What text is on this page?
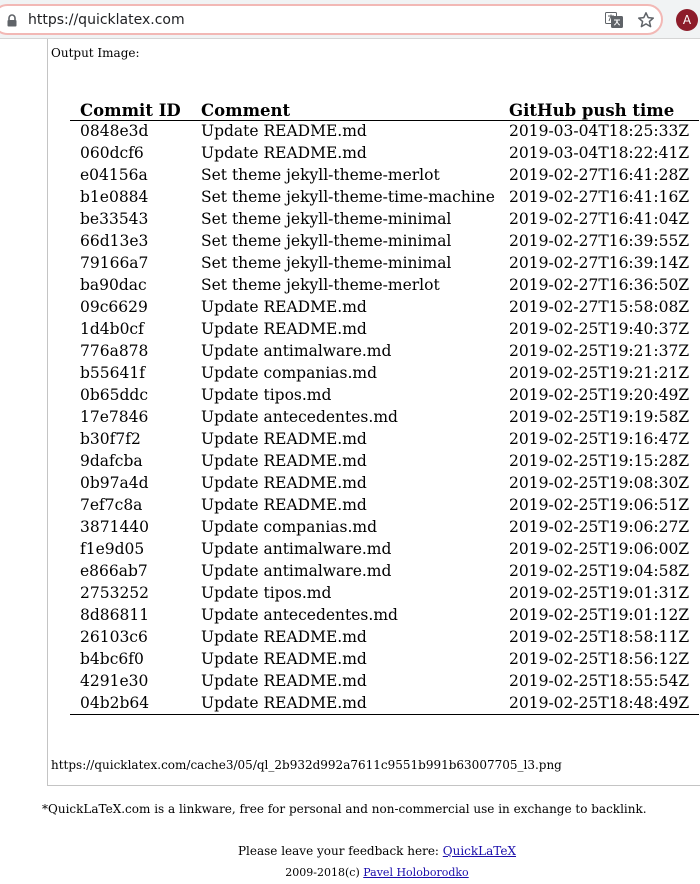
https://quicklatex.com	A
Output Image:
Commit ID	Comment	GitHub push time
0848e3d	Update README.md	2019-03-04T18:25:33Z
060dcf6	Update README.md	2019-03-04T18:22:41Z
e04156a	Set theme jekyll-theme-merlot	2019-02-27T16:41:28Z
b1e0884	Set theme jekyll-theme-time-machine	2019-02-27T16:41:16Z
be33543	Set theme jekyll-theme-minimal	2019-02-27T16:41:04Z
66d13e3	Set theme jekyll-theme-minimal	2019-02-27T16:39:55Z
79166a7	Set theme jekyll-theme-minimal	2019-02-27T16:39:14Z
ba90dac	Set theme jekyll-theme-merlot	2019-02-27T16:36:50Z
09c6629	Update README.md	2019-02-27T15:58:08Z
1d4b0cf	Update README.md	2019-02-25T19:40:37Z
776a878	Update antimalware.md	2019-02-25T19:21:37Z
b55641f	Update companias.md	2019-02-25T19:21:21Z
0b65ddc	Update tipos.md	2019-02-25T19:20:49Z
17e7846	Update antecedentes.md	2019-02-25T19:19:58Z
b30f7f2	Update README.md	2019-02-25T19:16:47Z
9dafcba	Update README.md	2019-02-25T19:15:28Z
0b97a4d	Update README.md	2019-02-25T19:08:30Z
7ef7c8a	Update README.md	2019-02-25T19:06:51Z
3871440	Update companias.md	2019-02-25T19:06:27Z
f1e9d05	Update antimalware.md	2019-02-25T19:06:00Z
e866ab7	Update antimalware.md	2019-02-25T19:04:58Z
2753252	Update tipos.md	2019-02-25T19:01:31Z
8d86811	Update antecedentes.md	2019-02-25T19:01:12Z
26103c6	Update README.md	2019-02-25T18:58:11Z
b4bc6f0	Update README.md	2019-02-25T18:56:12Z
4291e30	Update README.md	2019-02-25T18:55:54Z
04b2b64	Update README.md	2019-02-25T18:48:49Z
https://quicklatex.com/cache3/05/ql_2b932d992a7611c9551b991b63007705_l3.png
*QuickLaTeX.com is a linkware, free for personal and non-commercial use in exchange to backlink.
Please leave your feedback here: QuickLaTeX
2009-2018(c) Pavel Holoborodko
